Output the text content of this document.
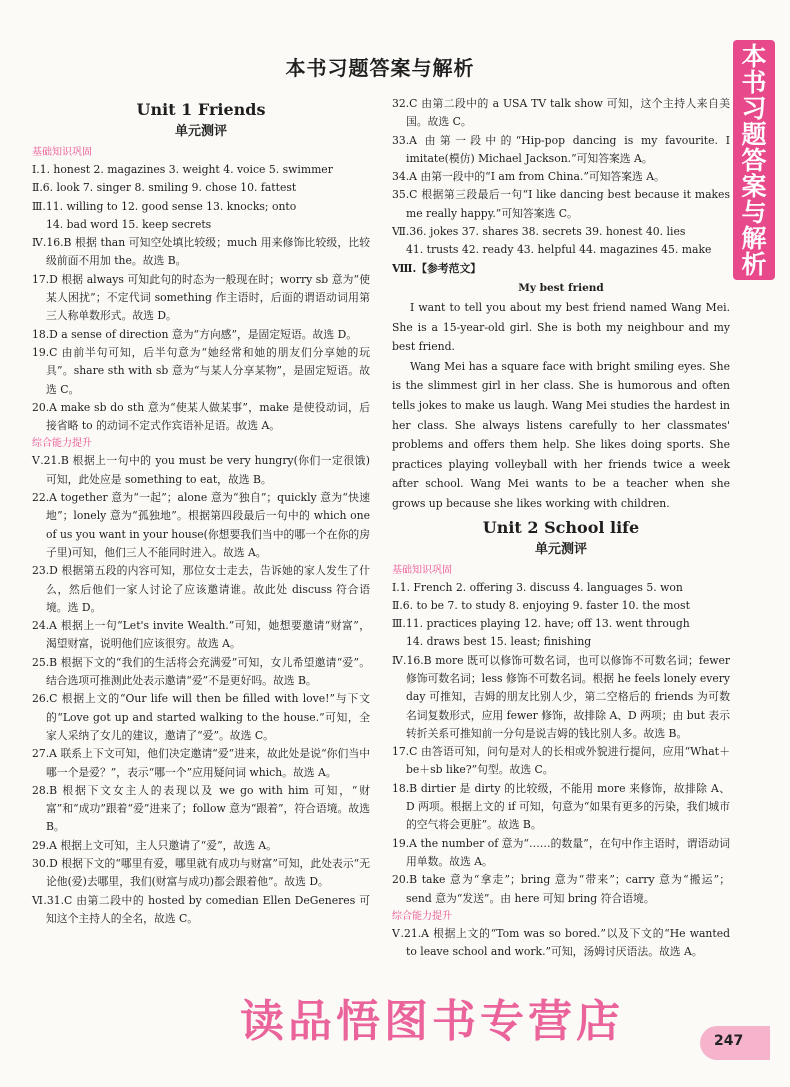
本书习题答案与解析	本
书
习
题
答
案
与
解
析
Unit 1 Friends
单元测评
基础知识巩固

Ⅰ.1. honest 2. magazines 3. weight 4. voice 5. swimmer

Ⅱ.6. look 7. singer 8. smiling 9. chose 10. fattest

Ⅲ.11. willing to 12. good sense 13. knocks; onto

14. bad word 15. keep secrets

Ⅳ.16.B 根据 than 可知空处填比较级；much 用来修饰比较级，比较级前面不用加 the。故选 B。

17.D 根据 always 可知此句的时态为一般现在时；worry sb 意为“使某人困扰”；不定代词 something 作主语时，后面的谓语动词用第三人称单数形式。故选 D。

18.D a sense of direction 意为“方向感”，是固定短语。故选 D。

19.C 由前半句可知，后半句意为“她经常和她的朋友们分享她的玩具”。share sth with sb 意为“与某人分享某物”，是固定短语。故选 C。

20.A make sb do sth 意为“使某人做某事”，make 是使役动词，后接省略 to 的动词不定式作宾语补足语。故选 A。

综合能力提升

Ⅴ.21.B 根据上一句中的 you must be very hungry(你们一定很饿)可知，此处应是 something to eat，故选 B。

22.A together 意为“一起”；alone 意为“独自”；quickly 意为“快速地”；lonely 意为“孤独地”。根据第四段最后一句中的 which one of us you want in your house(你想要我们当中的哪一个在你的房子里)可知，他们三人不能同时进入。故选 A。

23.D 根据第五段的内容可知，那位女士走去，告诉她的家人发生了什么，然后他们一家人讨论了应该邀请谁。故此处 discuss 符合语境。选 D。

24.A 根据上一句“Let's invite Wealth.”可知，她想要邀请“财富”，渴望财富，说明他们应该很穷。故选 A。

25.B 根据下文的“我们的生活将会充满爱”可知，女儿希望邀请“爱”。结合选项可推测此处表示邀请“爱”不是更好吗。故选 B。

26.C 根据上文的“Our life will then be filled with love!”与下文的“Love got up and started walking to the house.”可知，全家人采纳了女儿的建议，邀请了“爱”。故选 C。

27.A 联系上下文可知，他们决定邀请“爱”进来，故此处是说“你们当中哪一个是爱？”，表示“哪一个”应用疑问词 which。故选 A。

28.B 根据下文女主人的表现以及 we go with him 可知，“财富”和“成功”跟着“爱”进来了；follow 意为“跟着”，符合语境。故选 B。

29.A 根据上文可知，主人只邀请了“爱”，故选 A。

30.D 根据下文的“哪里有爱，哪里就有成功与财富”可知，此处表示“无论他(爱)去哪里，我们(财富与成功)都会跟着他”。故选 D。

Ⅵ.31.C 由第二段中的 hosted by comedian Ellen DeGeneres 可知这个主持人的全名，故选 C。

32.C 由第二段中的 a USA TV talk show 可知，这个主持人来自美国。故选 C。

33.A 由第一段中的“Hip-pop dancing is my favourite. I imitate(模仿) Michael Jackson.”可知答案选 A。

34.A 由第一段中的“I am from China.”可知答案选 A。

35.C 根据第三段最后一句“I like dancing best because it makes me really happy.”可知答案选 C。

Ⅶ.36. jokes 37. shares 38. secrets 39. honest 40. lies

41. trusts 42. ready 43. helpful 44. magazines 45. make

Ⅷ.【参考范文】

My best friend

I want to tell you about my best friend named Wang Mei. She is a 15-year-old girl. She is both my neighbour and my best friend.

Wang Mei has a square face with bright smiling eyes. She is the slimmest girl in her class. She is humorous and often tells jokes to make us laugh. Wang Mei studies the hardest in her class. She always listens carefully to her classmates' problems and offers them help. She likes doing sports. She practices playing volleyball with her friends twice a week after school. Wang Mei wants to be a teacher when she grows up because she likes working with children.

Unit 2 School life
单元测评
基础知识巩固

Ⅰ.1. French 2. offering 3. discuss 4. languages 5. won

Ⅱ.6. to be 7. to study 8. enjoying 9. faster 10. the most

Ⅲ.11. practices playing 12. have; off 13. went through

14. draws best 15. least; finishing

Ⅳ.16.B more 既可以修饰可数名词，也可以修饰不可数名词；fewer 修饰可数名词；less 修饰不可数名词。根据 he feels lonely every day 可推知，吉姆的朋友比别人少，第二空格后的 friends 为可数名词复数形式，应用 fewer 修饰，故排除 A、D 两项；由 but 表示转折关系可推知前一分句是说吉姆的钱比别人多。故选 B。

17.C 由答语可知，问句是对人的长相或外貌进行提问，应用“What＋be＋sb like?”句型。故选 C。

18.B dirtier 是 dirty 的比较级，不能用 more 来修饰，故排除 A、D 两项。根据上文的 if 可知，句意为“如果有更多的污染，我们城市的空气将会更脏”。故选 B。

19.A the number of 意为“……的数量”，在句中作主语时，谓语动词用单数。故选 A。

20.B take 意为“拿走”；bring 意为“带来”；carry 意为“搬运”；send 意为“发送”。由 here 可知 bring 符合语境。

综合能力提升

Ⅴ.21.A 根据上文的“Tom was so bored.”以及下文的“He wanted to leave school and work.”可知，汤姆讨厌语法。故选 A。

读品悟图书专营店	247
